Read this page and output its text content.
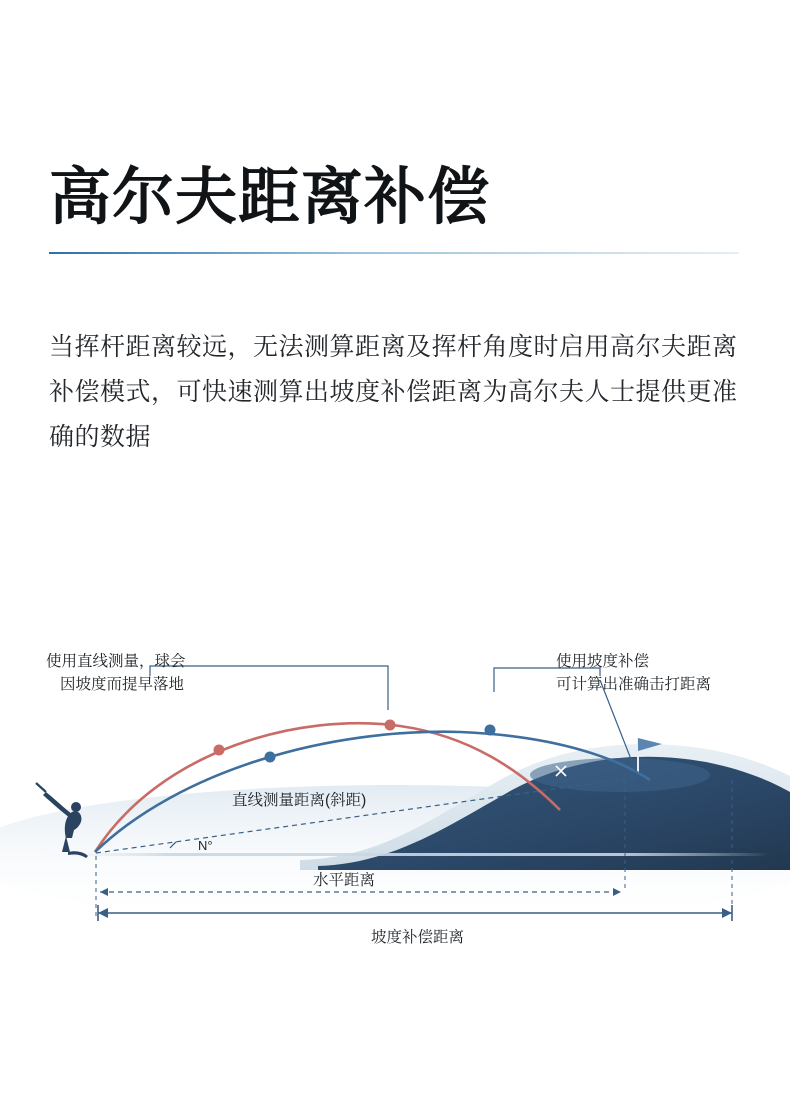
高尔夫距离补偿

当挥杆距离较远，无法测算距离及挥杆角度时启用高尔夫距离补偿模式，可快速测算出坡度补偿距离为高尔夫人士提供更准确的数据

使用直线测量，球会
因坡度而提早落地
使用坡度补偿
可计算出准确击打距离
直线测量距离(斜距)
水平距离
坡度补偿距离
N°
